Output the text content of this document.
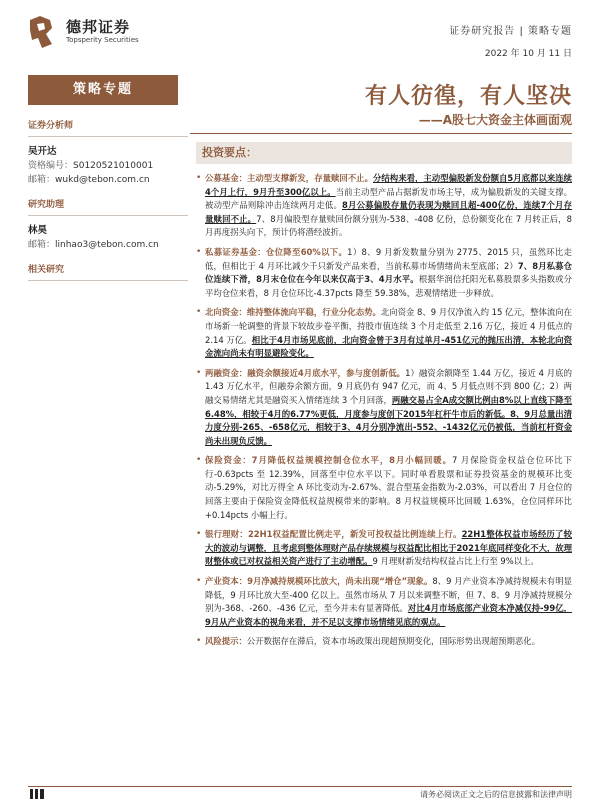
德邦证券
Topsperity Securities
证券研究报告 | 策略专题
2022 年 10 月 11 日
策略专题
证券分析师
吴开达
资格编号：S0120521010001
邮箱：wukd@tebon.com.cn
研究助理
林昊
邮箱：linhao3@tebon.com.cn
相关研究
有人彷徨，有人坚决
——A股七大资金主体画面观
投资要点：
• 公募基金：主动型支撑新发，存量赎回不止。分结构来看，主动型偏股新发份额自5月底都以来连续4个月上行，9月升至300亿以上。当前主动型产品占据新发市场主导，成为偏股新发的关键支撑。被动型产品则除冲击连续两月走低。8月公募偏股存量仍表现为赎回且超-400亿份，连续7个月存量赎回不止。7、8月偏股型存量赎回份额分别为-538、-408 亿份，总份额变化在 7 月转正后，8 月再度拐头向下，预计仍将潜经波折。
• 私募证券基金：仓位降至60%以下。1）8、9 月新发数量分别为 2775、2015 只，虽然环比走低，但相比于 4 月环比减少千只新发产品来看，当前私募市场情绪尚未至底部；2）7、8月私募仓位连续下滑，8月末仓位在今年以来仅高于3、4月水平。根据华润信托阳光私募股票多头指数或分平均仓位来看，8 月仓位环比-4.37pcts 降至 59.38%，悲观情绪进一步释放。
• 北向资金：维持整体流向平稳，行业分化态势。北向资金 8、9 月仅净流入约 15 亿元，整体流向在市场新一轮调整的背景下较故步卷平衡，持股市值连续 3 个月走低至 2.16 万亿，接近 4 月低点的 2.14 万亿。相比于4月市场见底前，北向资金曾于3月有过单月-451亿元的抛压出清，本轮北向资金流向尚未有明显避险变化。
• 两融资金：融资余额接近4月底水平，参与度创新低。1）融资余额降至 1.44 万亿，接近 4 月底的 1.43 万亿水平，但融券余额方面，9 月底仍有 947 亿元，而 4、5 月低点则不到 800 亿；2）两融交易情绪尤其是融资买入情绪连续 3 个月回落，两融交易占全A成交额比例由8%以上直线下降至6.48%，相较于4月的6.77%更低，月度参与度创下2015年杠杆牛市后的新低。8、9月总量出清力度分别-265、-658亿元，相较于3、4月分别净流出-552、-1432亿元仍被低，当前杠杆资金尚未出现负反馈。
• 保险资金：7月降低权益规模控制仓位水平，8月小幅回暖。7 月保险资金权益仓位环比下行-0.63pcts 至 12.39%，回落至中位水平以下。同时单看股票和证券投资基金的规模环比变动-5.29%，对比万得全 A 环比变动为-2.67%、混合型基金指数为-2.03%，可以看出 7 月仓位的回落主要由于保险资金降低权益规模带来的影响。8 月权益规模环比回暖 1.63%，仓位同样环比+0.14pcts 小幅上行。
• 银行理财：22H1权益配置比例走平，新发可投权益比例连续上行。22H1整体权益市场经历了较大的波动与调整，且考虑到整体理财产品存续规模与权益配比相比于2021年底同样变化不大，故理财整体或已对权益相关资产进行了主动增配。9 月理财新发结构权益占比上行至 9%以上。
• 产业资本：9月净减持规模环比放大，尚未出现“增仓”现象。8、9 月产业资本净减持规模未有明显降低，9 月环比放大至-400 亿以上。虽然市场从 7 月以来调整不断，但 7、8、9 月净减持规模分别为-368、-260、-436 亿元，至今并未有显著降低。对比4月市场底部产业资本净减仅持-99亿，9月从产业资本的视角来看，并不足以支撑市场情绪见底的观点。
• 风险提示：公开数据存在滞后，资本市场政策出现超预期变化，国际形势出现超预期恶化。
请务必阅读正文之后的信息披露和法律声明
